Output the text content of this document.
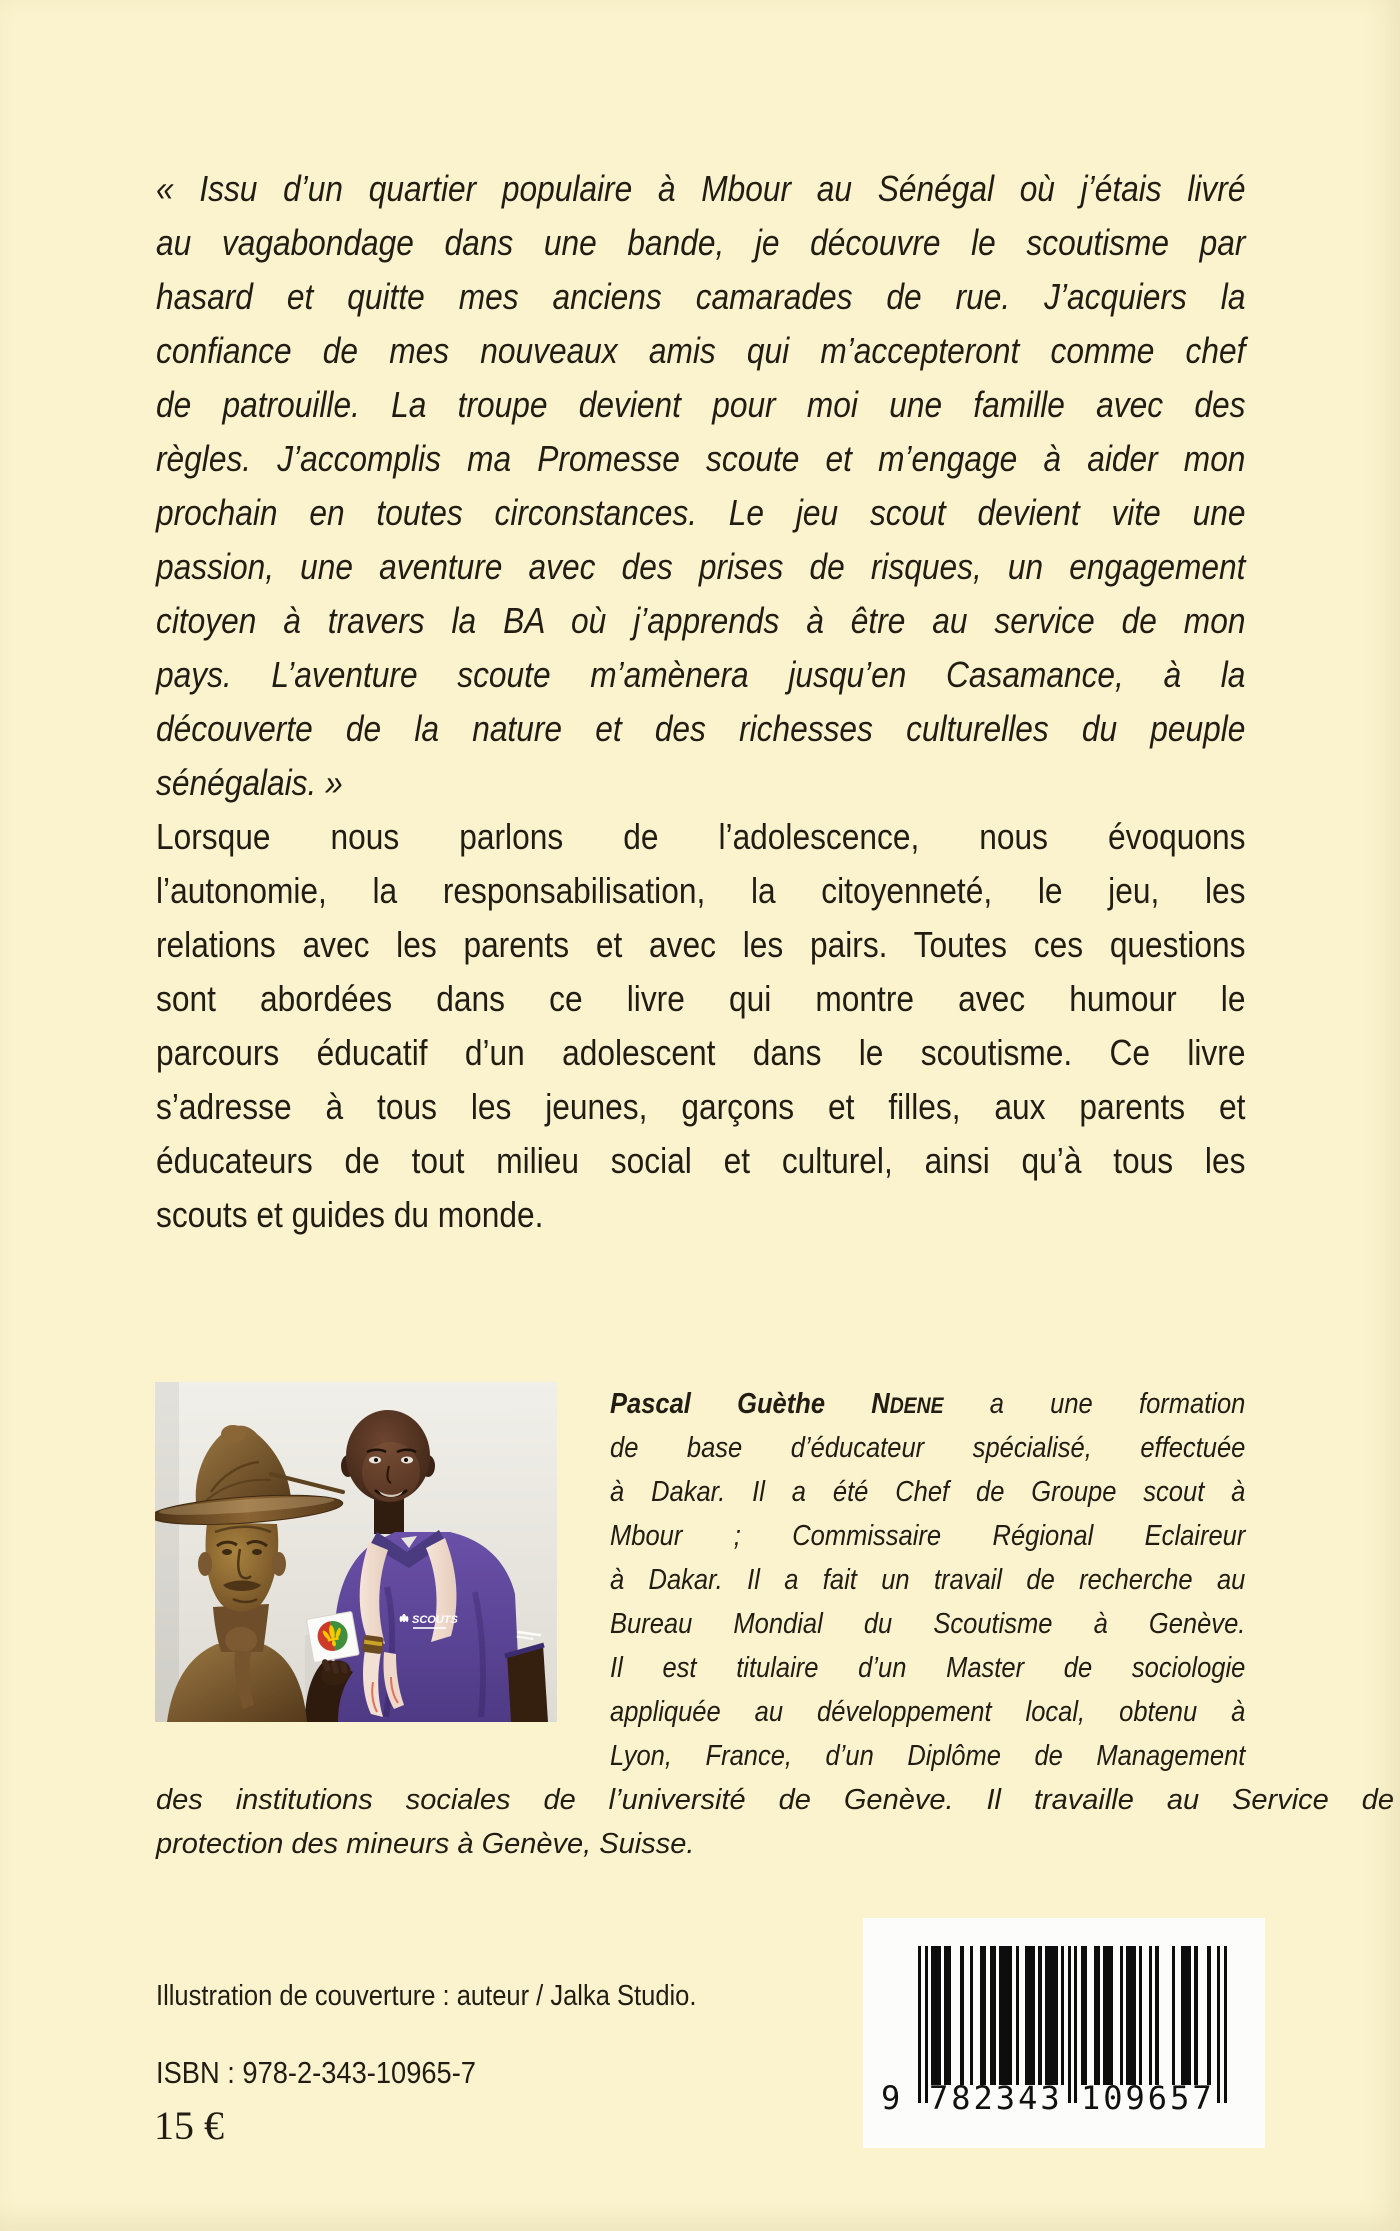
« Issu d’un quartier populaire à Mbour au Sénégal où j’étais livré
au vagabondage dans une bande, je découvre le scoutisme par
hasard et quitte mes anciens camarades de rue. J’acquiers la
confiance de mes nouveaux amis qui m’accepteront comme chef
de patrouille. La troupe devient pour moi une famille avec des
règles. J’accomplis ma Promesse scoute et m’engage à aider mon
prochain en toutes circonstances. Le jeu scout devient vite une
passion, une aventure avec des prises de risques, un engagement
citoyen à travers la BA où j’apprends à être au service de mon
pays. L’aventure scoute m’amènera jusqu’en Casamance, à la
découverte de la nature et des richesses culturelles du peuple
sénégalais. »
Lorsque nous parlons de l’adolescence, nous évoquons
l’autonomie, la responsabilisation, la citoyenneté, le jeu, les
relations avec les parents et avec les pairs. Toutes ces questions
sont abordées dans ce livre qui montre avec humour le
parcours éducatif d’un adolescent dans le scoutisme. Ce livre
s’adresse à tous les jeunes, garçons et filles, aux parents et
éducateurs de tout milieu social et culturel, ainsi qu’à tous les
scouts et guides du monde.
SCOUTS
Pascal Guèthe NDENE a une formation
de base d’éducateur spécialisé, effectuée
à Dakar. Il a été Chef de Groupe scout à
Mbour ; Commissaire Régional Eclaireur
à Dakar. Il a fait un travail de recherche au
Bureau Mondial du Scoutisme à Genève.
Il est titulaire d’un Master de sociologie
appliquée au développement local, obtenu à
Lyon, France, d’un Diplôme de Management
des institutions sociales de l’université de Genève. Il travaille au Service de
protection des mineurs à Genève, Suisse.
Illustration de couverture : auteur / Jalka Studio.
ISBN : 978-2-343-10965-7
15 €
9 782343 109657
